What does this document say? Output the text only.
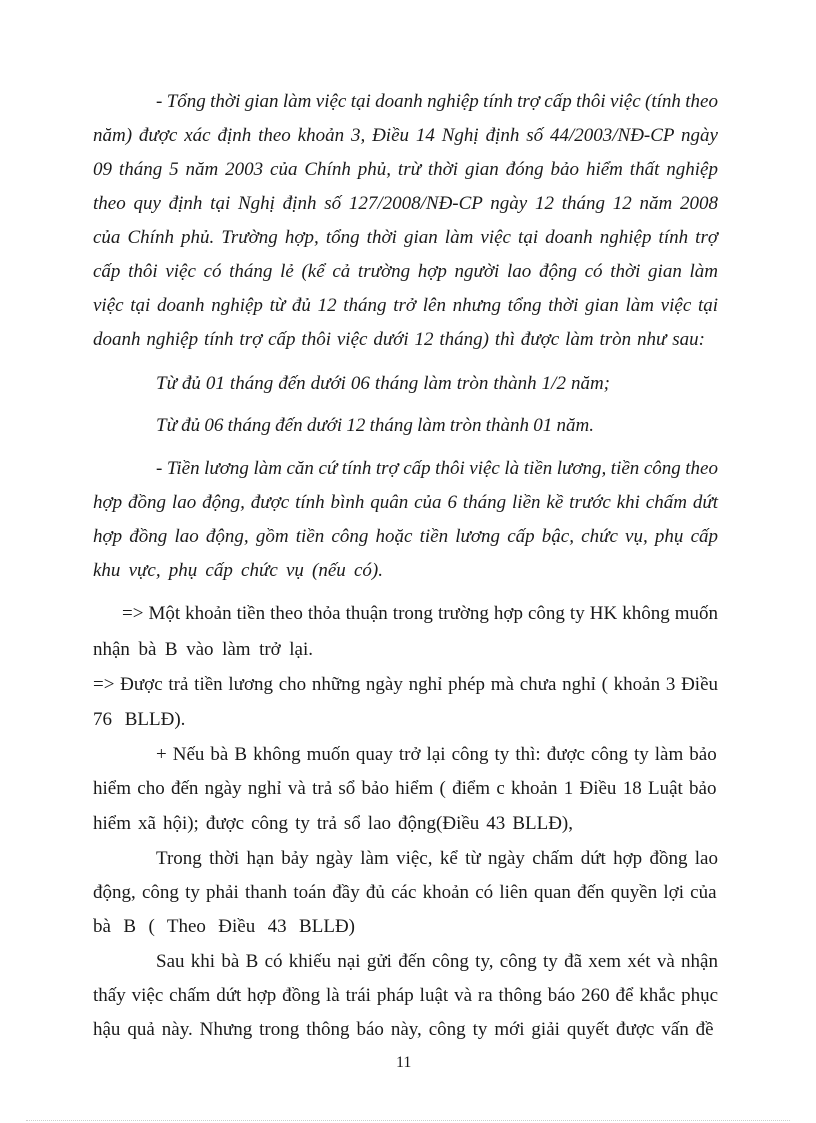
- Tổng thời gian làm việc tại doanh nghiệp tính trợ cấp thôi việc (tính theo
năm) được xác định theo khoản 3, Điều 14 Nghị định số 44/2003/NĐ-CP ngày
09 tháng 5 năm 2003 của Chính phủ, trừ thời gian đóng bảo hiểm thất nghiệp
theo quy định tại Nghị định số 127/2008/NĐ-CP ngày 12 tháng 12 năm 2008
của Chính phủ. Trường hợp, tổng thời gian làm việc tại doanh nghiệp tính trợ
cấp thôi việc có tháng lẻ (kể cả trường hợp người lao động có thời gian làm
việc tại doanh nghiệp từ đủ 12 tháng trở lên nhưng tổng thời gian làm việc tại
doanh nghiệp tính trợ cấp thôi việc dưới 12 tháng) thì được làm tròn như sau:
Từ đủ 01 tháng đến dưới 06 tháng làm tròn thành 1/2 năm;
Từ đủ 06 tháng đến dưới 12 tháng làm tròn thành 01 năm.
- Tiền lương làm căn cứ tính trợ cấp thôi việc là tiền lương, tiền công theo
hợp đồng lao động, được tính bình quân của 6 tháng liền kề trước khi chấm dứt
hợp đồng lao động, gồm tiền công hoặc tiền lương cấp bậc, chức vụ, phụ cấp
khu vực, phụ cấp chức vụ (nếu có).
=> Một khoản tiền theo thỏa thuận trong trường hợp công ty HK không muốn
nhận bà B vào làm trở lại.
=> Được trả tiền lương cho những ngày nghỉ phép mà chưa nghỉ ( khoản 3 Điều
76 BLLĐ).
+ Nếu bà B không muốn quay trở lại công ty thì: được công ty làm bảo
hiểm cho đến ngày nghỉ và trả sổ bảo hiểm ( điểm c khoản 1 Điều 18 Luật bảo
hiểm xã hội); được công ty trả sổ lao động(Điều 43 BLLĐ),
Trong thời hạn bảy ngày làm việc, kể từ ngày chấm dứt hợp đồng lao
động, công ty phải thanh toán đầy đủ các khoản có liên quan đến quyền lợi của
bà B ( Theo Điều 43 BLLĐ)
Sau khi bà B có khiếu nại gửi đến công ty, công ty đã xem xét và nhận
thấy việc chấm dứt hợp đồng là trái pháp luật và ra thông báo 260 để khắc phục
hậu quả này. Nhưng trong thông báo này, công ty mới giải quyết được vấn đề
11
